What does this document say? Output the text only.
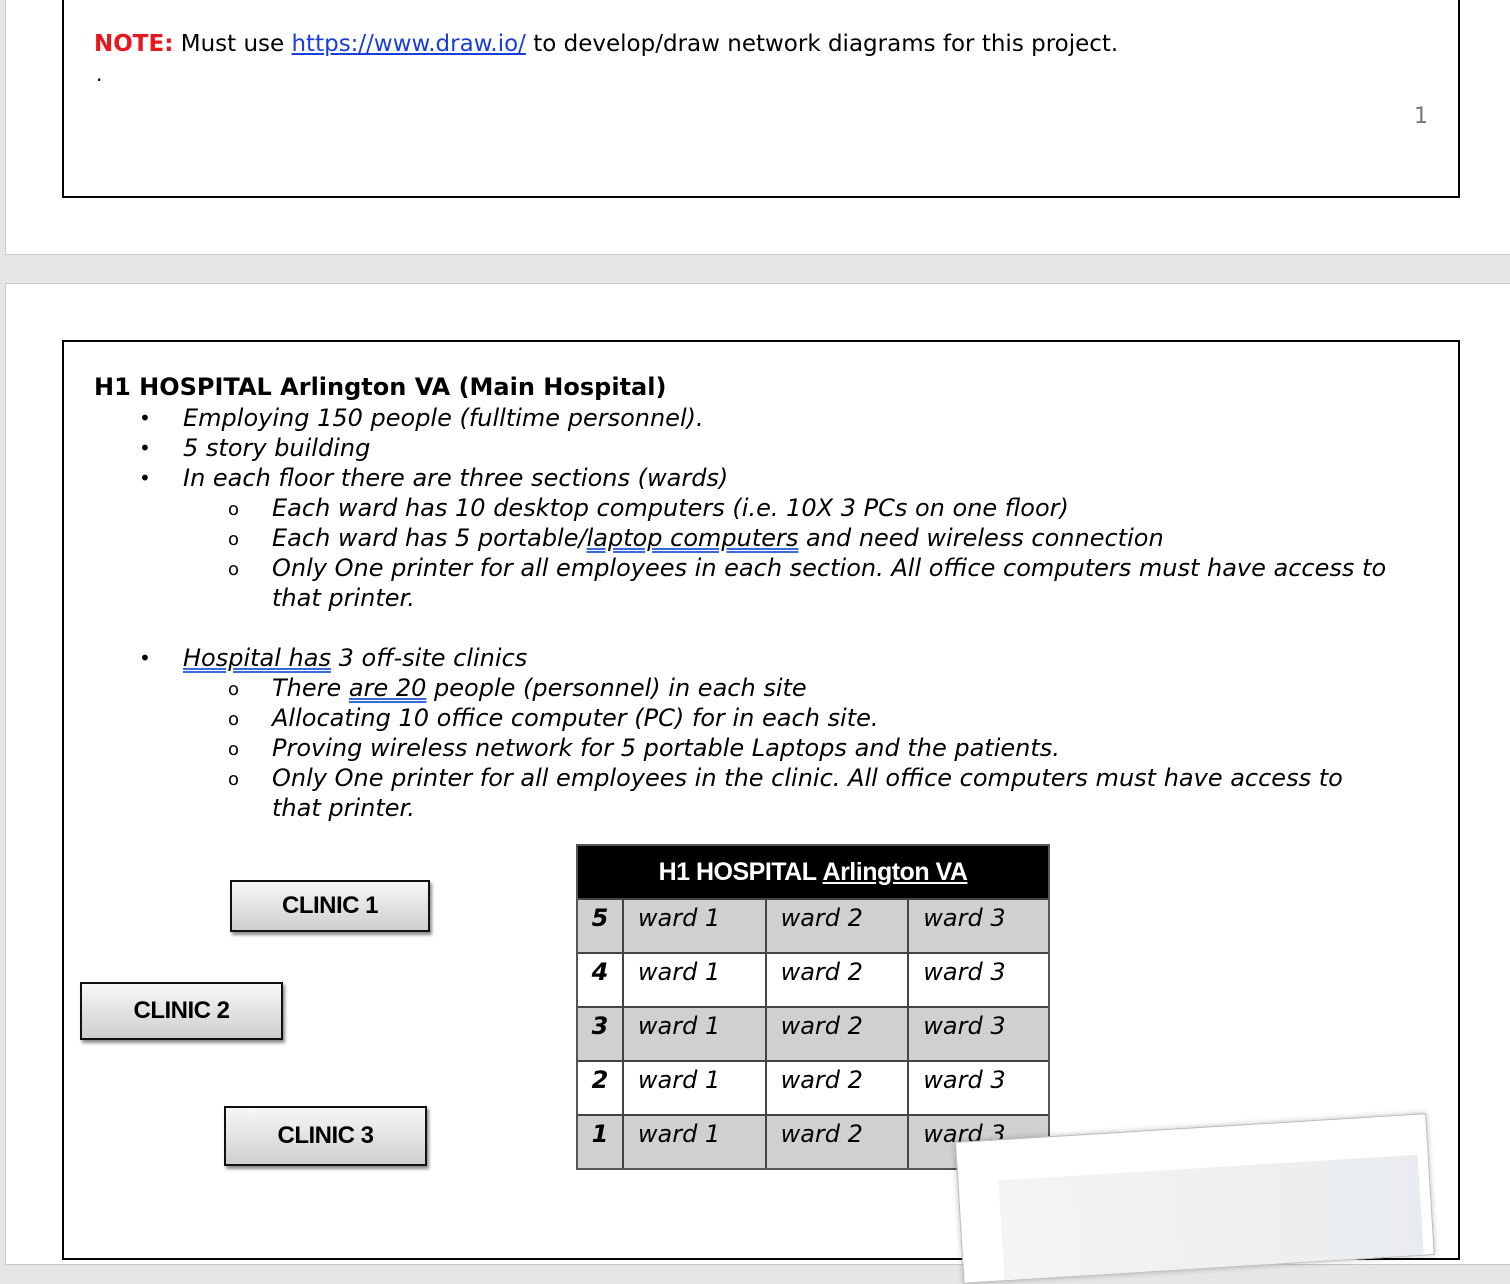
NOTE: Must use https://www.draw.io/ to develop/draw network diagrams for this project.
.
1
H1 HOSPITAL Arlington VA (Main Hospital)
• Employing 150 people (fulltime personnel).
• 5 story building
• In each floor there are three sections (wards)
o Each ward has 10 desktop computers (i.e. 10X 3 PCs on one floor)
o Each ward has 5 portable/laptop computers and need wireless connection
o Only One printer for all employees in each section. All office computers must have access to
that printer.
• Hospital has 3 off-site clinics
o There are 20 people (personnel) in each site
o Allocating 10 office computer (PC) for in each site.
o Proving wireless network for 5 portable Laptops and the patients.
o Only One printer for all employees in the clinic. All office computers must have access to
that printer.
CLINIC 1
CLINIC 2
CLINIC 3
H1 HOSPITAL Arlington VA
5	ward 1	ward 2	ward 3
4	ward 1	ward 2	ward 3
3	ward 1	ward 2	ward 3
2	ward 1	ward 2	ward 3
1	ward 1	ward 2	ward 3
